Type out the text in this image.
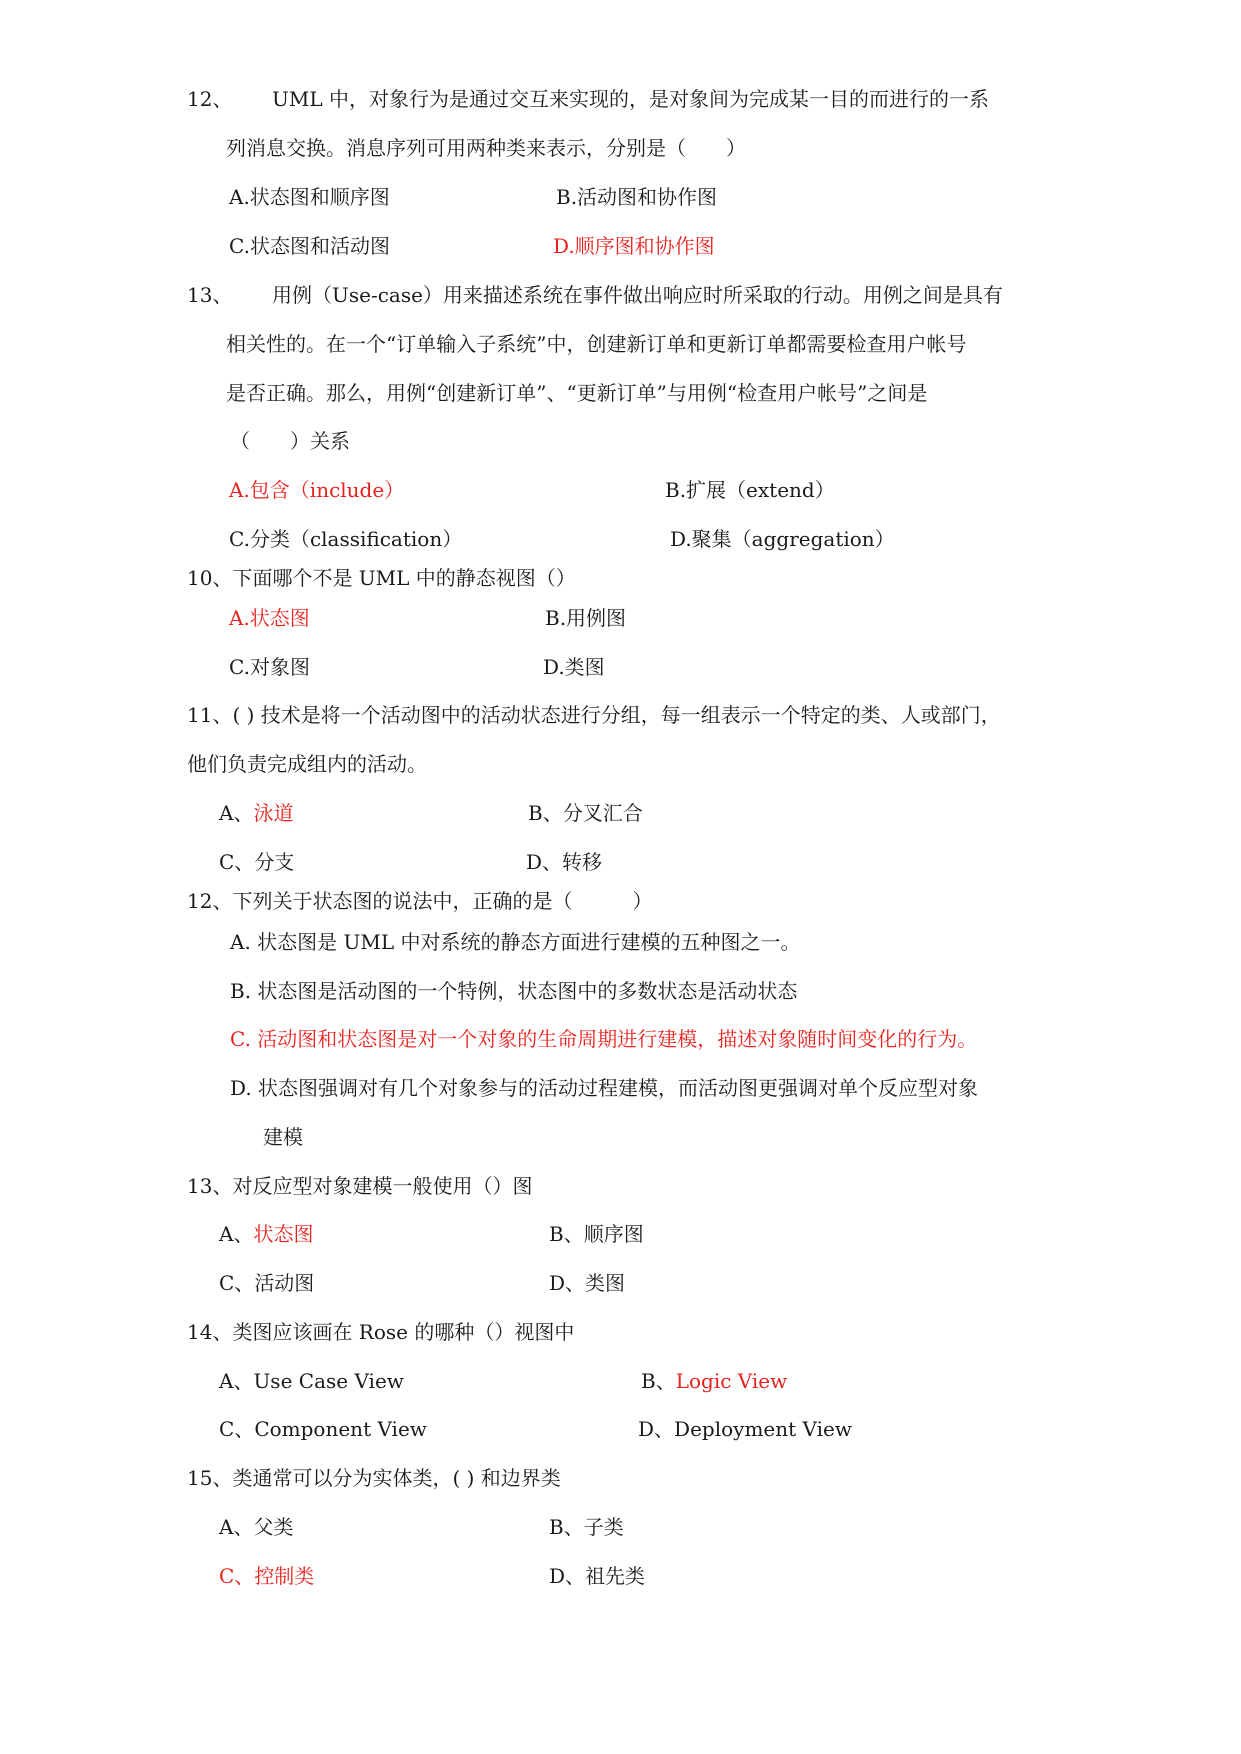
12、 UML 中，对象行为是通过交互来实现的，是对象间为完成某一目的而进行的一系
列消息交换。消息序列可用两种类来表示，分别是（　　）
A.状态图和顺序图	B.活动图和协作图
C.状态图和活动图	D.顺序图和协作图
13、 用例（Use-case）用来描述系统在事件做出响应时所采取的行动。用例之间是具有
相关性的。在一个“订单输入子系统”中，创建新订单和更新订单都需要检查用户帐号
是否正确。那么，用例“创建新订单”、“更新订单”与用例“检查用户帐号”之间是
（　　）关系
A.包含（include）	B.扩展（extend）
C.分类（classification）	D.聚集（aggregation）
10、下面哪个不是 UML 中的静态视图（）
A.状态图	B.用例图
C.对象图	D.类图
11、( ) 技术是将一个活动图中的活动状态进行分组，每一组表示一个特定的类、人或部门，
他们负责完成组内的活动。
A、泳道	B、分叉汇合
C、分支	D、转移
12、下列关于状态图的说法中，正确的是（　　　）
A. 状态图是 UML 中对系统的静态方面进行建模的五种图之一。
B. 状态图是活动图的一个特例，状态图中的多数状态是活动状态
C. 活动图和状态图是对一个对象的生命周期进行建模，描述对象随时间变化的行为。
D. 状态图强调对有几个对象参与的活动过程建模，而活动图更强调对单个反应型对象
建模
13、对反应型对象建模一般使用（）图
A、状态图	B、顺序图
C、活动图	D、类图
14、类图应该画在 Rose 的哪种（）视图中
A、Use Case View	B、Logic View
C、Component View	D、Deployment View
15、类通常可以分为实体类，( ) 和边界类
A、父类	B、子类
C、控制类	D、祖先类
